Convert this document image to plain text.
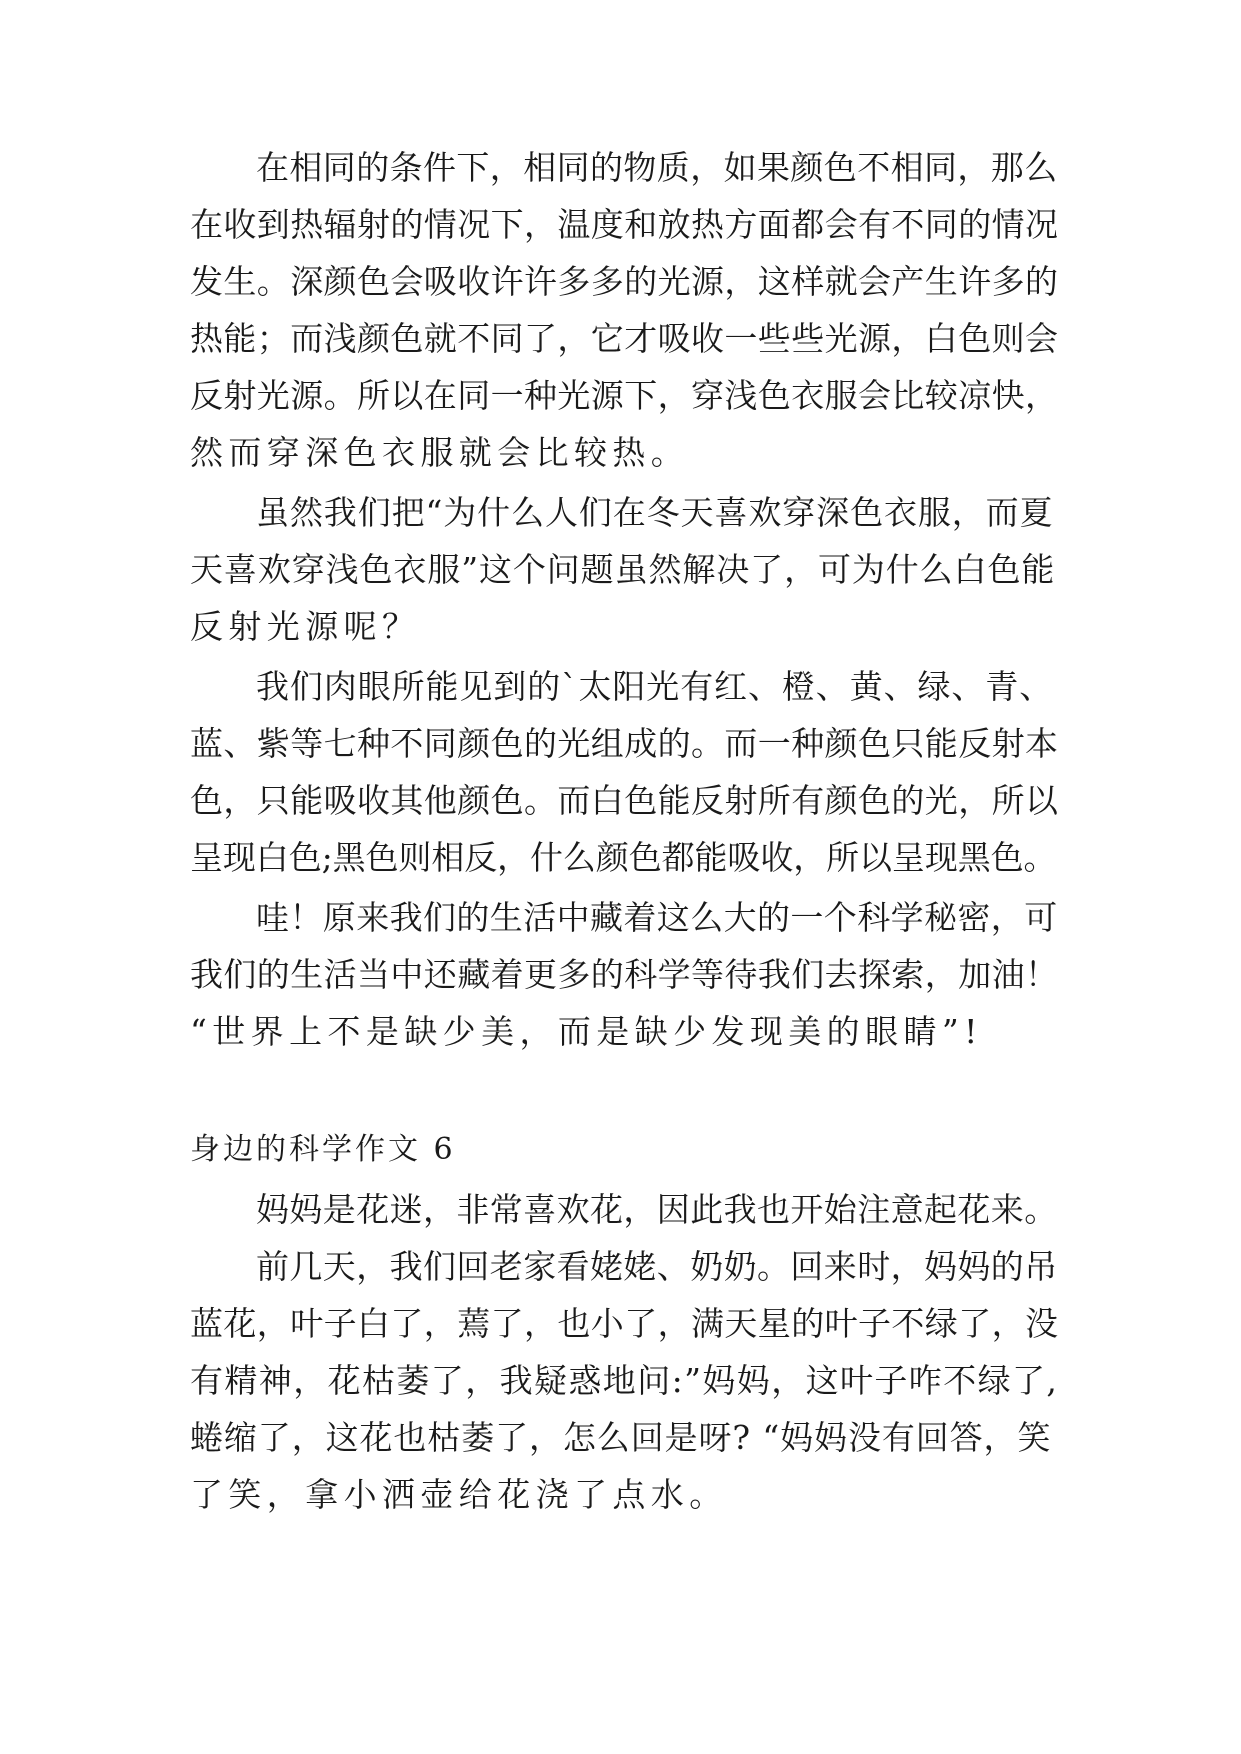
在相同的条件下，相同的物质，如果颜色不相同，那么
在收到热辐射的情况下，温度和放热方面都会有不同的情况
发生。深颜色会吸收许许多多的光源，这样就会产生许多的
热能；而浅颜色就不同了，它才吸收一些些光源，白色则会
反射光源。所以在同一种光源下，穿浅色衣服会比较凉快，
然而穿深色衣服就会比较热。
虽然我们把“为什么人们在冬天喜欢穿深色衣服，而夏
天喜欢穿浅色衣服”这个问题虽然解决了，可为什么白色能
反射光源呢？
我们肉眼所能见到的`太阳光有红、橙、黄、绿、青、
蓝、紫等七种不同颜色的光组成的。而一种颜色只能反射本
色，只能吸收其他颜色。而白色能反射所有颜色的光，所以
呈现白色;黑色则相反，什么颜色都能吸收，所以呈现黑色。
哇！原来我们的生活中藏着这么大的一个科学秘密，可
我们的生活当中还藏着更多的科学等待我们去探索，加油！
“世界上不是缺少美，而是缺少发现美的眼睛”!
身边的科学作文 6
妈妈是花迷，非常喜欢花，因此我也开始注意起花来。
前几天，我们回老家看姥姥、奶奶。回来时，妈妈的吊
蓝花，叶子白了，蔫了，也小了，满天星的叶子不绿了，没
有精神，花枯萎了，我疑惑地问:”妈妈，这叶子咋不绿了,
蜷缩了，这花也枯萎了，怎么回是呀? “妈妈没有回答，笑
了笑，拿小洒壶给花浇了点水。
